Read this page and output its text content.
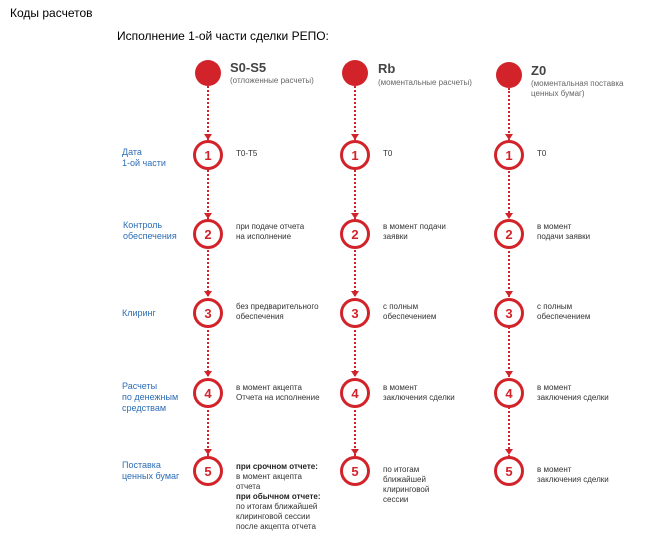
Коды расчетов
Исполнение 1-ой части сделки РЕПО:
S0-S5
(отложенные расчеты)
Rb
(моментальные расчеты)
Z0
(моментальная поставка
ценных бумаг)
Дата
1-ой части
Контроль
обеспечения
Клиринг
Расчеты
по денежным
средствам
Поставка
ценных бумаг
1
2
3
4
5
1
2
3
4
5
1
2
3
4
5
Т0-Т5
при подаче отчета
на исполнение
без предварительного
обеспечения
в момент акцепта
Отчета на исполнение
при срочном отчете:
в момент акцепта
отчета
при обычном отчете:
по итогам ближайшей
клиринговой сессии
после акцепта отчета
Т0
в момент подачи
заявки
с полным
обеспечением
в момент
заключения сделки
по итогам
ближайшей
клиринговой
сессии
Т0
в момент
подачи заявки
с полным
обеспечением
в момент
заключения сделки
в момент
заключения сделки
